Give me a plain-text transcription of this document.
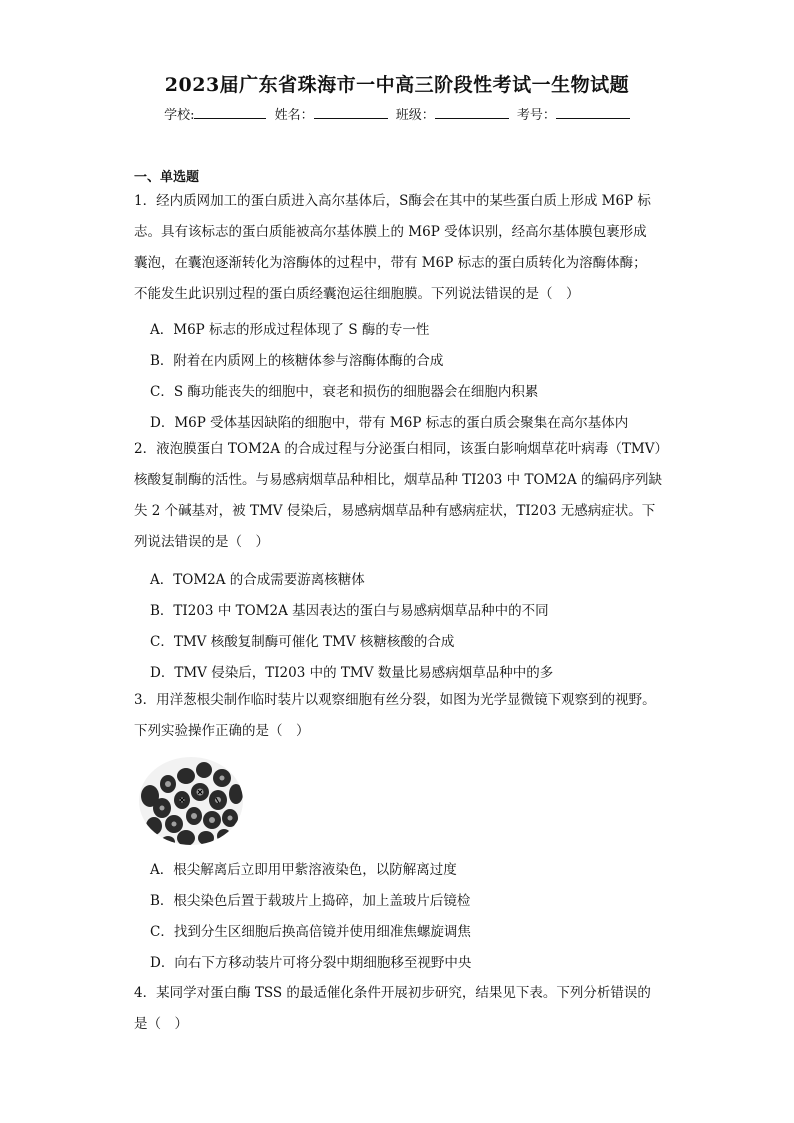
2023届广东省珠海市一中高三阶段性考试一生物试题
学校:	姓名：	班级：	考号：
一、单选题
1．经内质网加工的蛋白质进入高尔基体后，S酶会在其中的某些蛋白质上形成 M6P 标
志。具有该标志的蛋白质能被高尔基体膜上的 M6P 受体识别，经高尔基体膜包裹形成
囊泡，在囊泡逐渐转化为溶酶体的过程中，带有 M6P 标志的蛋白质转化为溶酶体酶；
不能发生此识别过程的蛋白质经囊泡运往细胞膜。下列说法错误的是（　）
A．M6P 标志的形成过程体现了 S 酶的专一性
B．附着在内质网上的核糖体参与溶酶体酶的合成
C．S 酶功能丧失的细胞中，衰老和损伤的细胞器会在细胞内积累
D．M6P 受体基因缺陷的细胞中，带有 M6P 标志的蛋白质会聚集在高尔基体内
2．液泡膜蛋白 TOM2A 的合成过程与分泌蛋白相同，该蛋白影响烟草花叶病毒（TMV）
核酸复制酶的活性。与易感病烟草品种相比，烟草品种 TI203 中 TOM2A 的编码序列缺
失 2 个碱基对，被 TMV 侵染后，易感病烟草品种有感病症状，TI203 无感病症状。下
列说法错误的是（　）
A．TOM2A 的合成需要游离核糖体
B．TI203 中 TOM2A 基因表达的蛋白与易感病烟草品种中的不同
C．TMV 核酸复制酶可催化 TMV 核糖核酸的合成
D．TMV 侵染后，TI203 中的 TMV 数量比易感病烟草品种中的多
3．用洋葱根尖制作临时装片以观察细胞有丝分裂，如图为光学显微镜下观察到的视野。
下列实验操作正确的是（　）
A．根尖解离后立即用甲紫溶液染色，以防解离过度
B．根尖染色后置于载玻片上捣碎，加上盖玻片后镜检
C．找到分生区细胞后换高倍镜并使用细准焦螺旋调焦
D．向右下方移动装片可将分裂中期细胞移至视野中央
4．某同学对蛋白酶 TSS 的最适催化条件开展初步研究，结果见下表。下列分析错误的
是（　）
